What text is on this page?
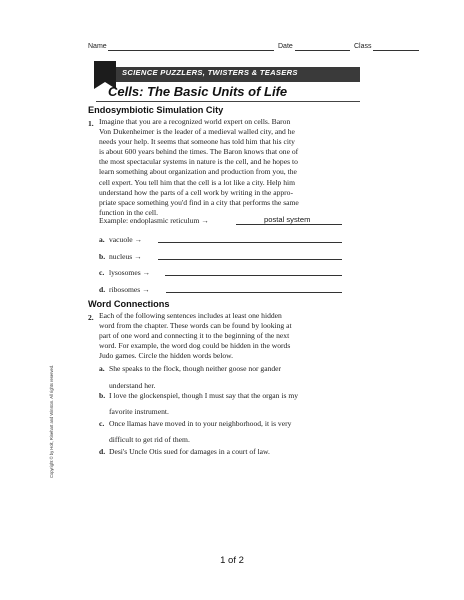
Name	Date	Class
SCIENCE PUZZLERS, TWISTERS & TEASERS
Cells: The Basic Units of Life
Endosymbiotic Simulation City
1. Imagine that you are a recognized world expert on cells. Baron
Von Dukenheimer is the leader of a medieval walled city, and he
needs your help. It seems that someone has told him that his city
is about 600 years behind the times. The Baron knows that one of
the most spectacular systems in nature is the cell, and he hopes to
learn something about organization and production from you, the
cell expert. You tell him that the cell is a lot like a city. Help him
understand how the parts of a cell work by writing in the appro-
priate space something you'd find in a city that performs the same
function in the cell.
Example: endoplasmic reticulum →	postal system
a. vacuole →
b. nucleus →
c. lysosomes →
d. ribosomes →
Word Connections
2. Each of the following sentences includes at least one hidden
word from the chapter. These words can be found by looking at
part of one word and connecting it to the beginning of the next
word. For example, the word dog could be hidden in the words
Judo games. Circle the hidden words below.
a. She speaks to the flock, though neither goose nor gander
understand her.
b. I love the glockenspiel, though I must say that the organ is my
favorite instrument.
c. Once llamas have moved in to your neighborhood, it is very
difficult to get rid of them.
d. Desi's Uncle Otis sued for damages in a court of law.
Copyright © by Holt, Rinehart and Winston. All rights reserved.
1 of 2
